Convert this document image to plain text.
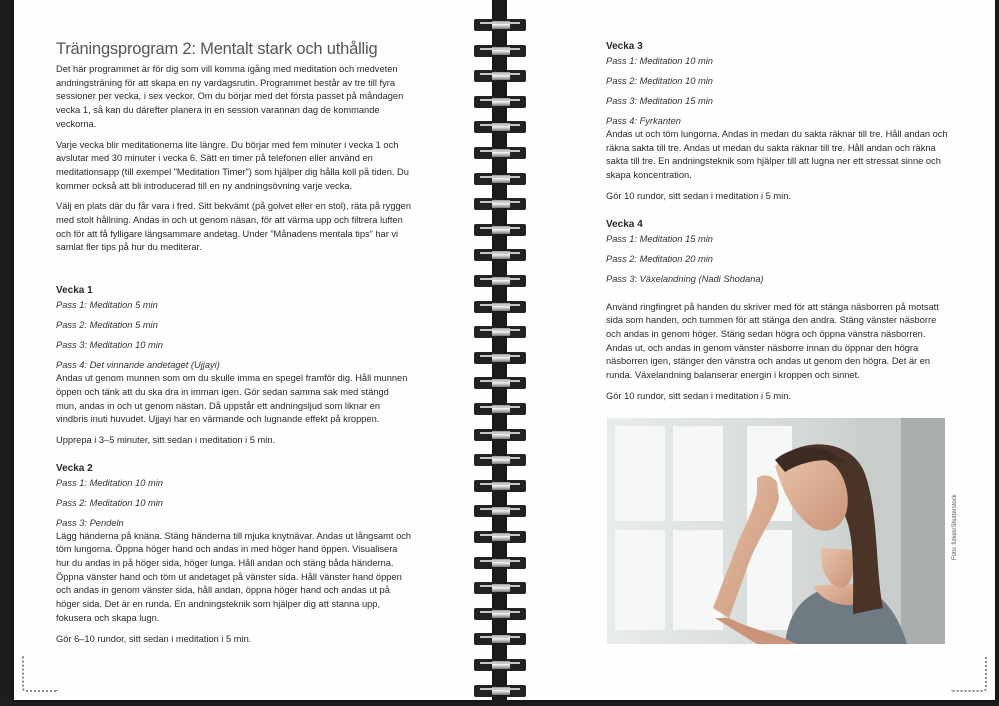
Träningsprogram 2: Mentalt stark och uthållig

Det här programmet är för dig som vill komma igång med meditation och medveten andningsträning för att skapa en ny vardagsrutin. Programmet består av tre till fyra sessioner per vecka, i sex veckor. Om du börjar med det första passet på måndagen vecka 1, så kan du därefter planera in en session varannan dag de kommande veckorna.

Varje vecka blir meditationerna lite längre. Du börjar med fem minuter i vecka 1 och avslutar med 30 minuter i vecka 6. Sätt en timer på telefonen eller använd en meditationsapp (till exempel ”Meditation Timer”) som hjälper dig hålla koll på tiden. Du kommer också att bli introducerad till en ny andningsövning varje vecka.

Välj en plats där du får vara i fred. Sitt bekvämt (på golvet eller en stol), räta på ryggen med stolt hållning. Andas in och ut genom näsan, för att värma upp och filtrera luften och för att få fylligare längsammare andetag. Under ”Månadens mentala tips” har vi samlat fler tips på hur du mediterar.

Vecka 1
Pass 1: Meditation 5 min
Pass 2: Meditation 5 min
Pass 3: Meditation 10 min
Pass 4: Det vinnande andetaget (Ujjayi)

Andas ut genom munnen som om du skulle imma en spegel framför dig. Håll munnen öppen och tänk att du ska dra in imman igen. Gör sedan samma sak med stängd mun, andas in och ut genom nästan. Då uppstår ett andningsljud som liknar en vindbris inuti huvudet. Ujjayi har en värmande och lugnande effekt på kroppen.

Upprepa i 3–5 minuter, sitt sedan i meditation i 5 min.

Vecka 2
Pass 1: Meditation 10 min
Pass 2: Meditation 10 min
Pass 3: Pendeln

Lägg händerna på knäna. Stäng händerna till mjuka knytnävar. Andas ut långsamt och töm lungorna. Öppna höger hand och andas in med höger hand öppen. Visualisera hur du andas in på höger sida, höger lunga. Håll andan och stäng båda händerna. Öppna vänster hand och töm ut andetaget på vänster sida. Håll vänster hand öppen och andas in genom vänster sida, håll andan, öppna höger hand och andas ut på höger sida. Det är en runda. En andningsteknik som hjälper dig att stanna upp, fokusera och skapa lugn.

Gör 6–10 rundor, sitt sedan i meditation i 5 min.

Vecka 3
Pass 1: Meditation 10 min
Pass 2: Meditation 10 min
Pass 3: Meditation 15 min
Pass 4: Fyrkanten

Andas ut och töm lungorna. Andas in medan du sakta räknar till tre. Håll andan och räkna sakta till tre. Andas ut medan du sakta räknar till tre. Håll andan och räkna sakta till tre. En andningsteknik som hjälper till att lugna ner ett stressat sinne och skapa koncentration.

Gör 10 rundor, sitt sedan i meditation i 5 min.

Vecka 4
Pass 1: Meditation 15 min
Pass 2: Meditation 20 min
Pass 3: Växelandning (Nadi Shodana)

Använd ringfingret på handen du skriver med för att stänga näsborren på motsatt sida som handen, och tummen för att stänga den andra. Stäng vänster näsborre och andas in genom höger. Stäng sedan högra och öppna vänstra näsborren. Andas ut, och andas in genom vänster näsborre innan du öppnar den högra näsborren igen, stänger den vänstra och andas ut genom den högra. Det är en runda. Växelandning balanserar energin i kroppen och sinnet.

Gör 10 rundor, sitt sedan i meditation i 5 min.

Foto: fizkes/Shutterstock
